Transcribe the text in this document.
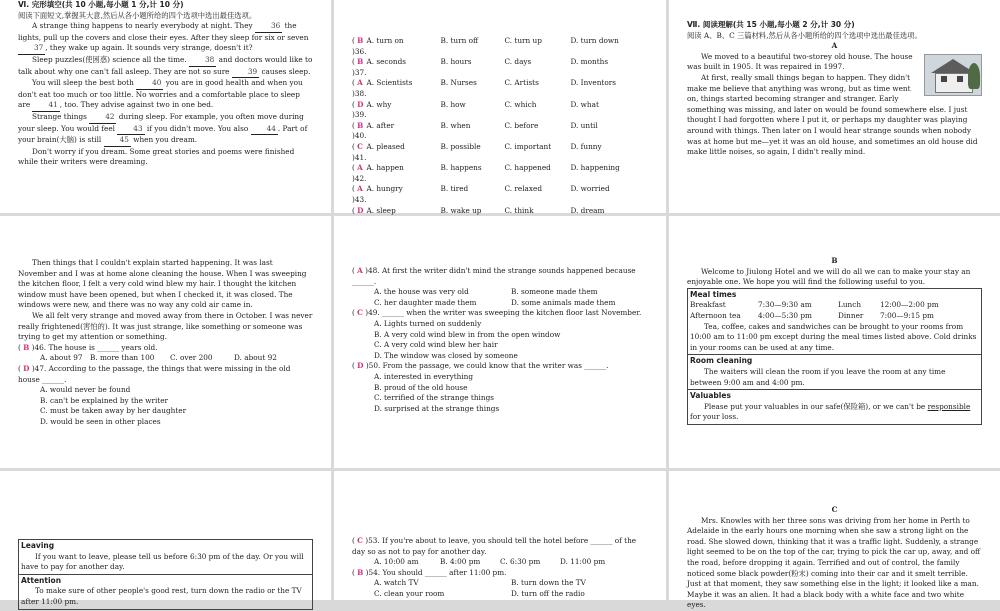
Ⅵ. 完形填空(共 10 小题,每小题 1 分,计 10 分)

阅读下面短文,掌握其大意,然后从各小题所给的四个选项中选出最佳选项。

A strange thing happens to nearly everybody at night. They 36 the lights, pull up the covers and close their eyes. After they sleep for six or seven 37 , they wake up again. It sounds very strange, doesn't it?

Sleep puzzles(使困惑) science all the time. 38 and doctors would like to talk about why one can't fall asleep. They are not so sure 39 causes sleep.

You will sleep the best both 40 you are in good health and when you don't eat too much or too little. No worries and a comfortable place to sleep are 41 , too. They advise against two in one bed.

Strange things 42 during sleep. For example, you often move during your sleep. You would feel 43 if you didn't move. You also 44 . Part of your brain(大脑) is still 45 when you dream.

Don't worry if you dream. Some great stories and poems were finished while their writers were dreaming.

( B )36.
A. turn on	B. turn off	C. turn up	D. turn down
( B )37.
A. seconds	B. hours	C. days	D. months
( A )38.
A. Scientists	B. Nurses	C. Artists	D. Inventors
( D )39.
A. why	B. how	C. which	D. what
( B )40.
A. after	B. when	C. before	D. until
( C )41.
A. pleased	B. possible	C. important	D. funny
( A )42.
A. happen	B. happens	C. happened	D. happening
( A )43.
A. hungry	B. tired	C. relaxed	D. worried
( D A. sleep	B. wake up	C. think	D. dream

Ⅶ. 阅读理解(共 15 小题,每小题 2 分,计 30 分)

阅读 A、B、C 三篇材料,然后从各小题所给的四个选项中选出最佳选项。

A

We moved to a beautiful two-storey old house. The house was built in 1905. It was repaired in 1997.

At first, really small things began to happen. They didn't make me believe that anything was wrong, but as time went on, things started becoming stranger and stranger. Early something was missing, and later on would be found somewhere else. I just thought I had forgotten where I put it, or perhaps my daughter was playing around with things. Then later on I would hear strange sounds when nobody was at home but me—yet it was an old house, and sometimes an old house did make little noises, so again, I didn't really mind.

Then things that I couldn't explain started happening. It was last November and I was at home alone cleaning the house. When I was sweeping the kitchen floor, I felt a very cold wind blew my hair. I thought the kitchen window must have been opened, but when I checked it, it was closed. The windows were new, and there was no way any cold air came in.

We all felt very strange and moved away from there in October. I was never really frightened(害怕的). It was just strange, like something or someone was trying to get my attention or something.

( B )46. The house is ______ years old.

A. about 97	B. more than 100	C. over 200	D. about 92

( D )47. According to the passage, the things that were missing in the old house ______.

A. would never be found

B. can't be explained by the writer

C. must be taken away by her daughter

D. would be seen in other places

( A )48. At first the writer didn't mind the strange sounds happened because ______.

A. the house was very old	B. someone made them
C. her daughter made them	D. some animals made them

( C )49. ______ when the writer was sweeping the kitchen floor last November.

A. Lights turned on suddenly

B. A very cold wind blew in from the open window

C. A very cold wind blew her hair

D. The window was closed by someone

( D )50. From the passage, we could know that the writer was ______.

A. interested in everything

B. proud of the old house

C. terrified of the strange things

D. surprised at the strange things

B

Welcome to Jiulong Hotel and we will do all we can to make your stay an enjoyable one. We hope you will find the following useful to you.

Meal times

Breakfast	7:30—9:30 am	Lunch	12:00—2:00 pm
Afternoon tea	4:00—5:30 pm	Dinner	7:00—9:15 pm

Tea, coffee, cakes and sandwiches can be brought to your rooms from 10:00 am to 11:00 pm except during the meal times listed above. Cold drinks in your rooms can be used at any time.

Room cleaning

The waiters will clean the room if you leave the room at any time between 9:00 am and 4:00 pm.

Valuables

Please put your valuables in our safe(保险箱), or we can't be responsible for your loss.

Leaving

If you want to leave, please tell us before 6:30 pm of the day. Or you will have to pay for another day.

Attention

To make sure of other people's good rest, turn down the radio or the TV after 11:00 pm.

( C )53. If you're about to leave, you should tell the hotel before ______ of the day so as not to pay for another day.

A. 10:00 am	B. 4:00 pm	C. 6:30 pm	D. 11:00 pm

( B )54. You should ______ after 11:00 pm.

A. watch TV	B. turn down the TV
C. clean your room	D. turn off the radio

C

Mrs. Knowles with her three sons was driving from her home in Perth to Adelaide in the early hours one morning when she saw a strong light on the road. She slowed down, thinking that it was a traffic light. Suddenly, a strange light seemed to be on the top of the car, trying to pick the car up, away, and off the road, before dropping it again. Terrified and out of control, the family noticed some black powder(粉末) coming into their car and it smelt terrible. Just at that moment, they saw something else in the light; it looked like a man. Maybe it was an alien. It had a black body with a white face and two white eyes.
